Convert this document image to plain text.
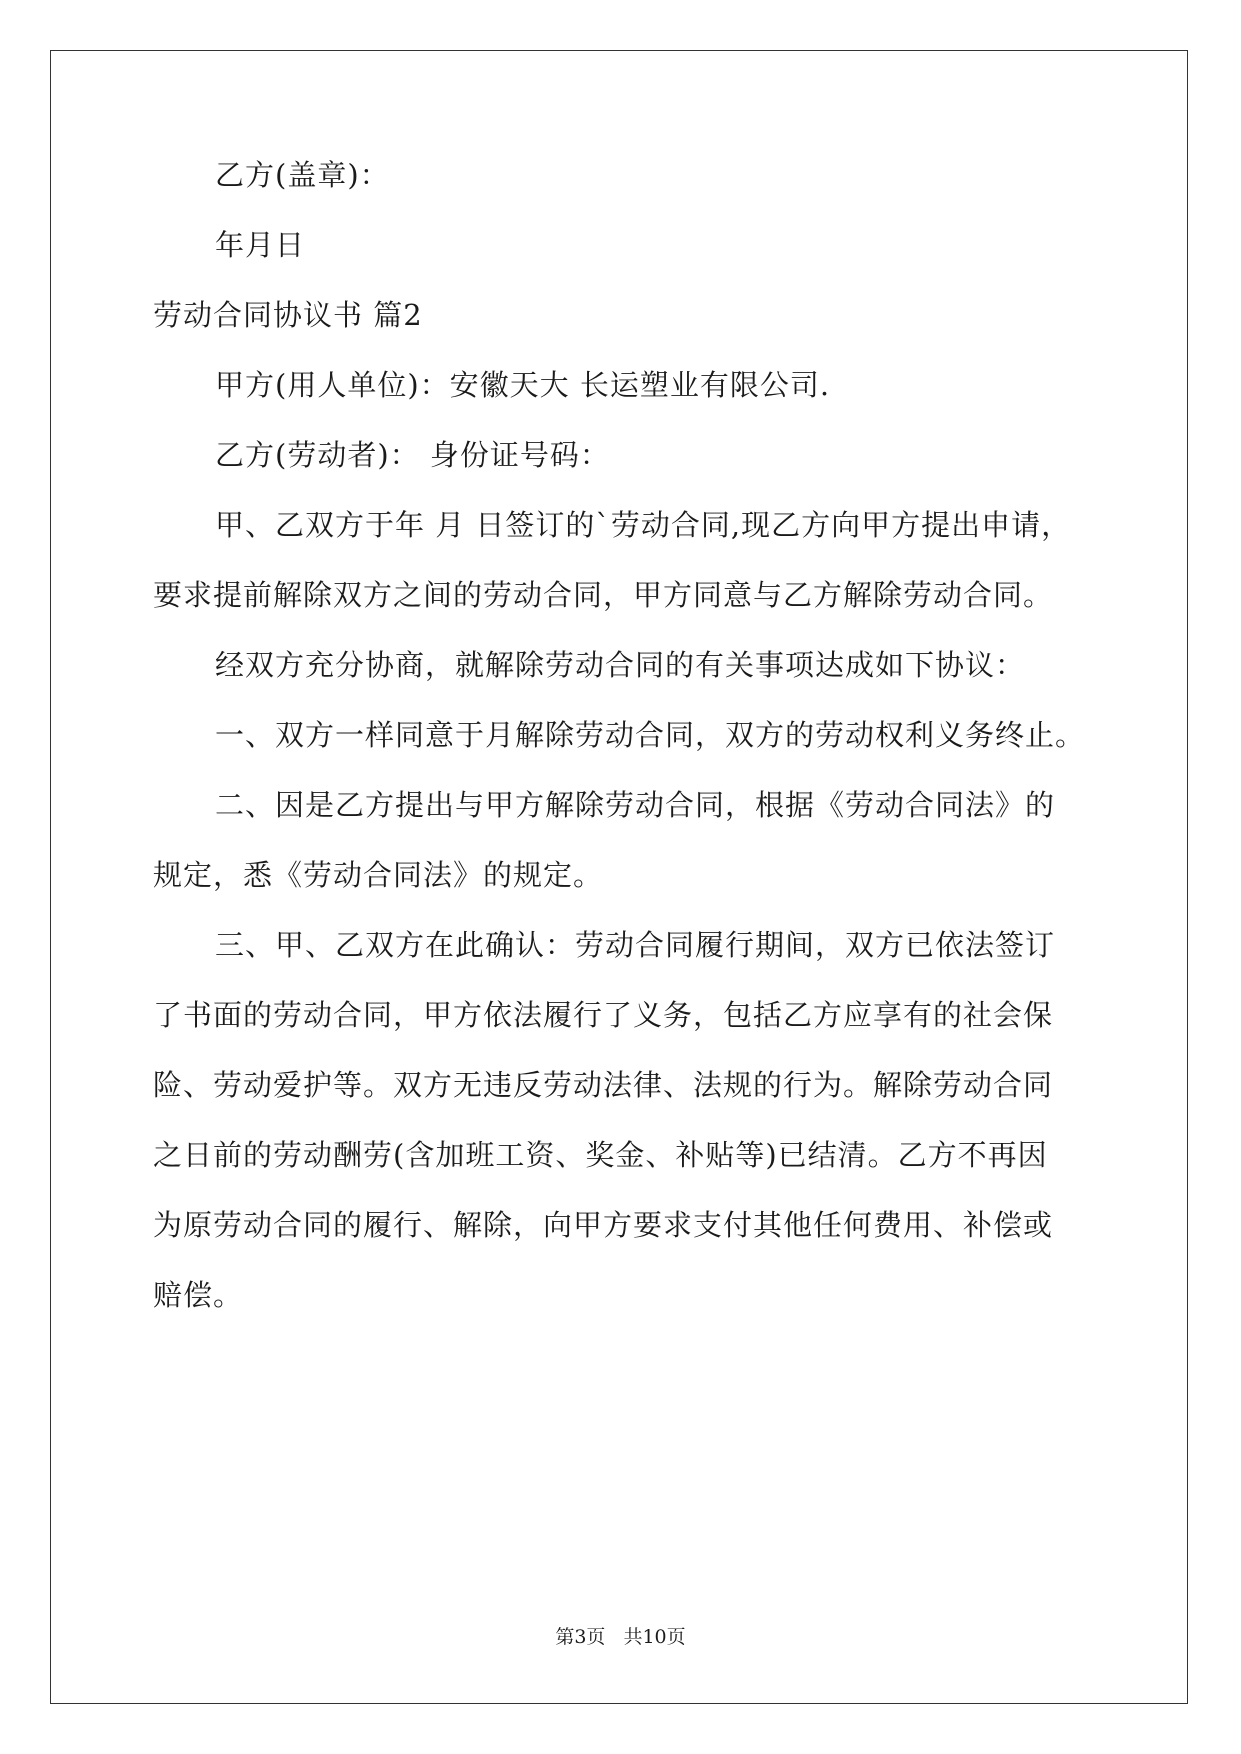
乙方(盖章)：
年月日
劳动合同协议书 篇2
甲方(用人单位)：安徽天大 长运塑业有限公司.
乙方(劳动者)： 身份证号码：
甲、乙双方于年 月 日签订的`劳动合同,现乙方向甲方提出申请，
要求提前解除双方之间的劳动合同，甲方同意与乙方解除劳动合同。
经双方充分协商，就解除劳动合同的有关事项达成如下协议：
一、双方一样同意于月解除劳动合同，双方的劳动权利义务终止。
二、因是乙方提出与甲方解除劳动合同，根据《劳动合同法》的
规定，悉《劳动合同法》的规定。
三、甲、乙双方在此确认：劳动合同履行期间，双方已依法签订
了书面的劳动合同，甲方依法履行了义务，包括乙方应享有的社会保
险、劳动爱护等。双方无违反劳动法律、法规的行为。解除劳动合同
之日前的劳动酬劳(含加班工资、奖金、补贴等)已结清。乙方不再因
为原劳动合同的履行、解除，向甲方要求支付其他任何费用、补偿或
赔偿。
第3页 共10页
